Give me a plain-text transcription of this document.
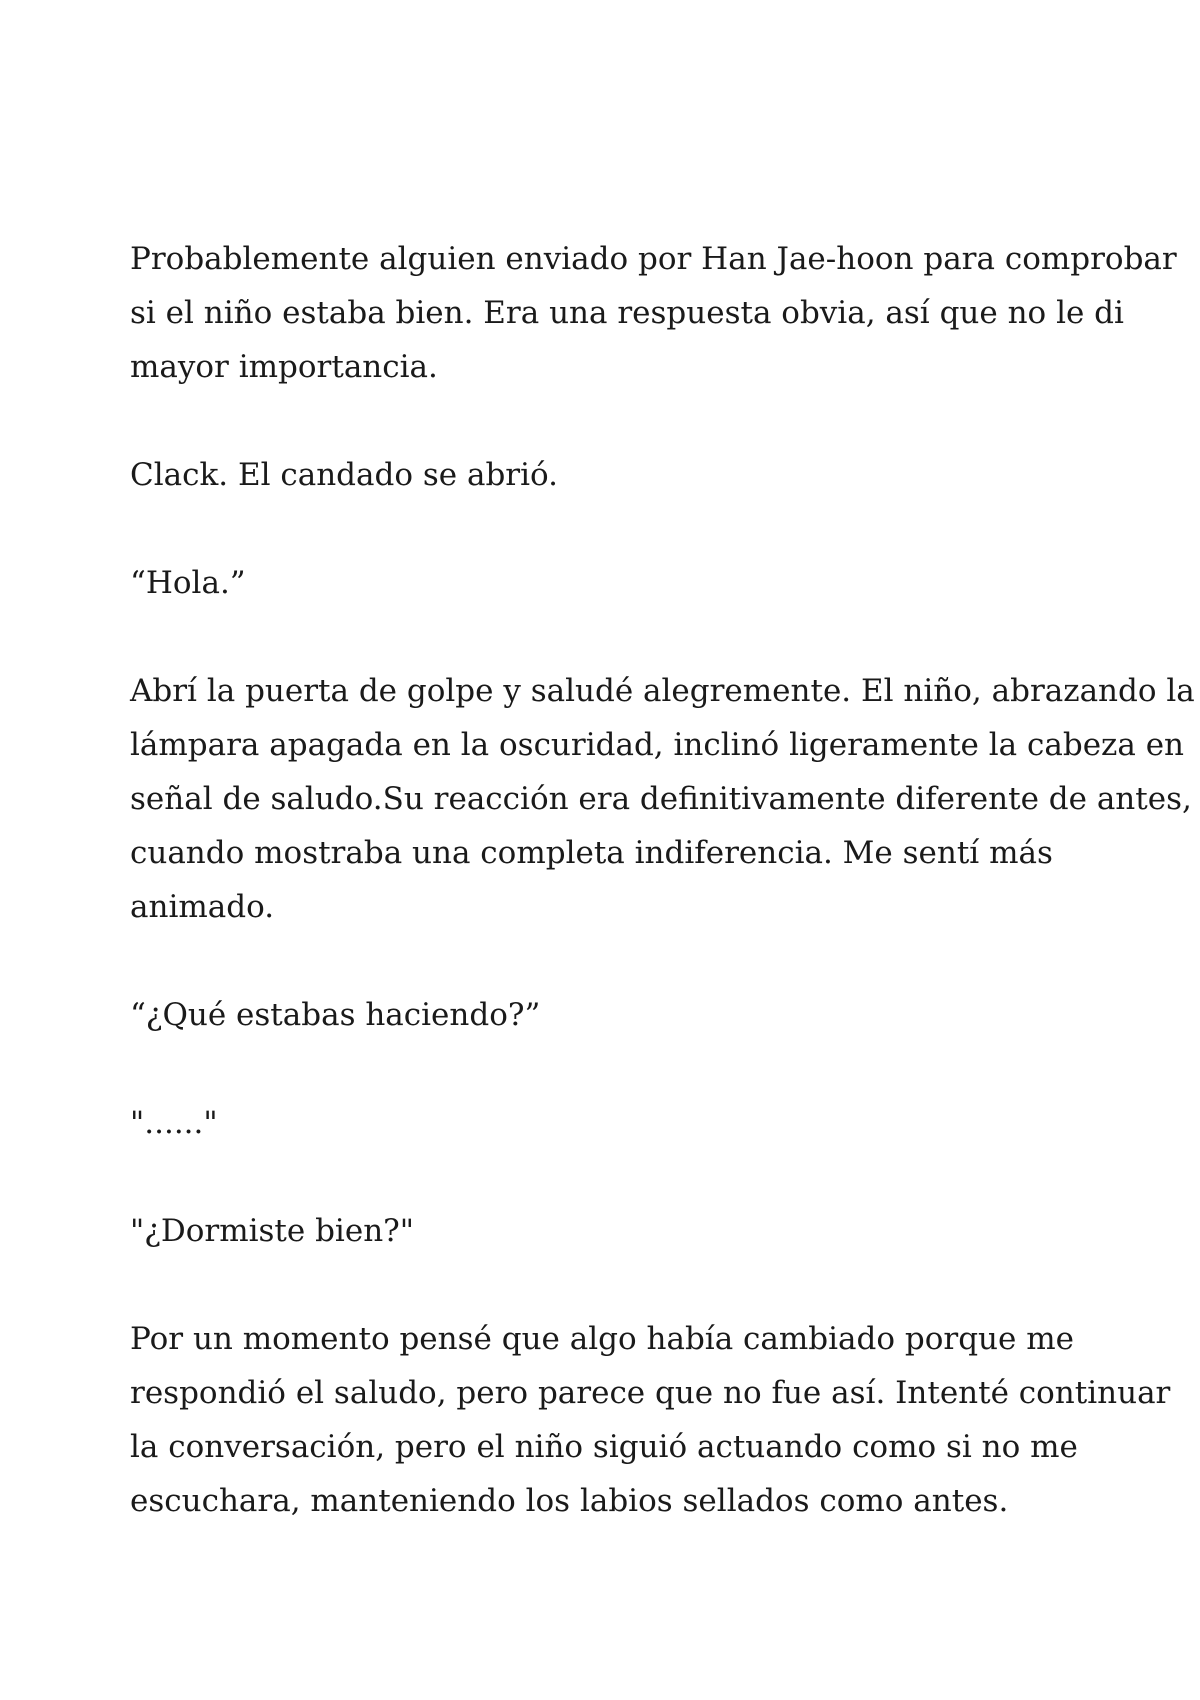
Probablemente alguien enviado por Han Jae-hoon para comprobar
si el niño estaba bien. Era una respuesta obvia, así que no le di
mayor importancia.

Clack. El candado se abrió.

“Hola.”

Abrí la puerta de golpe y saludé alegremente. El niño, abrazando la
lámpara apagada en la oscuridad, inclinó ligeramente la cabeza en
señal de saludo.Su reacción era definitivamente diferente de antes,
cuando mostraba una completa indiferencia. Me sentí más
animado.

“¿Qué estabas haciendo?”

"......"

"¿Dormiste bien?"

Por un momento pensé que algo había cambiado porque me
respondió el saludo, pero parece que no fue así. Intenté continuar
la conversación, pero el niño siguió actuando como si no me
escuchara, manteniendo los labios sellados como antes.
